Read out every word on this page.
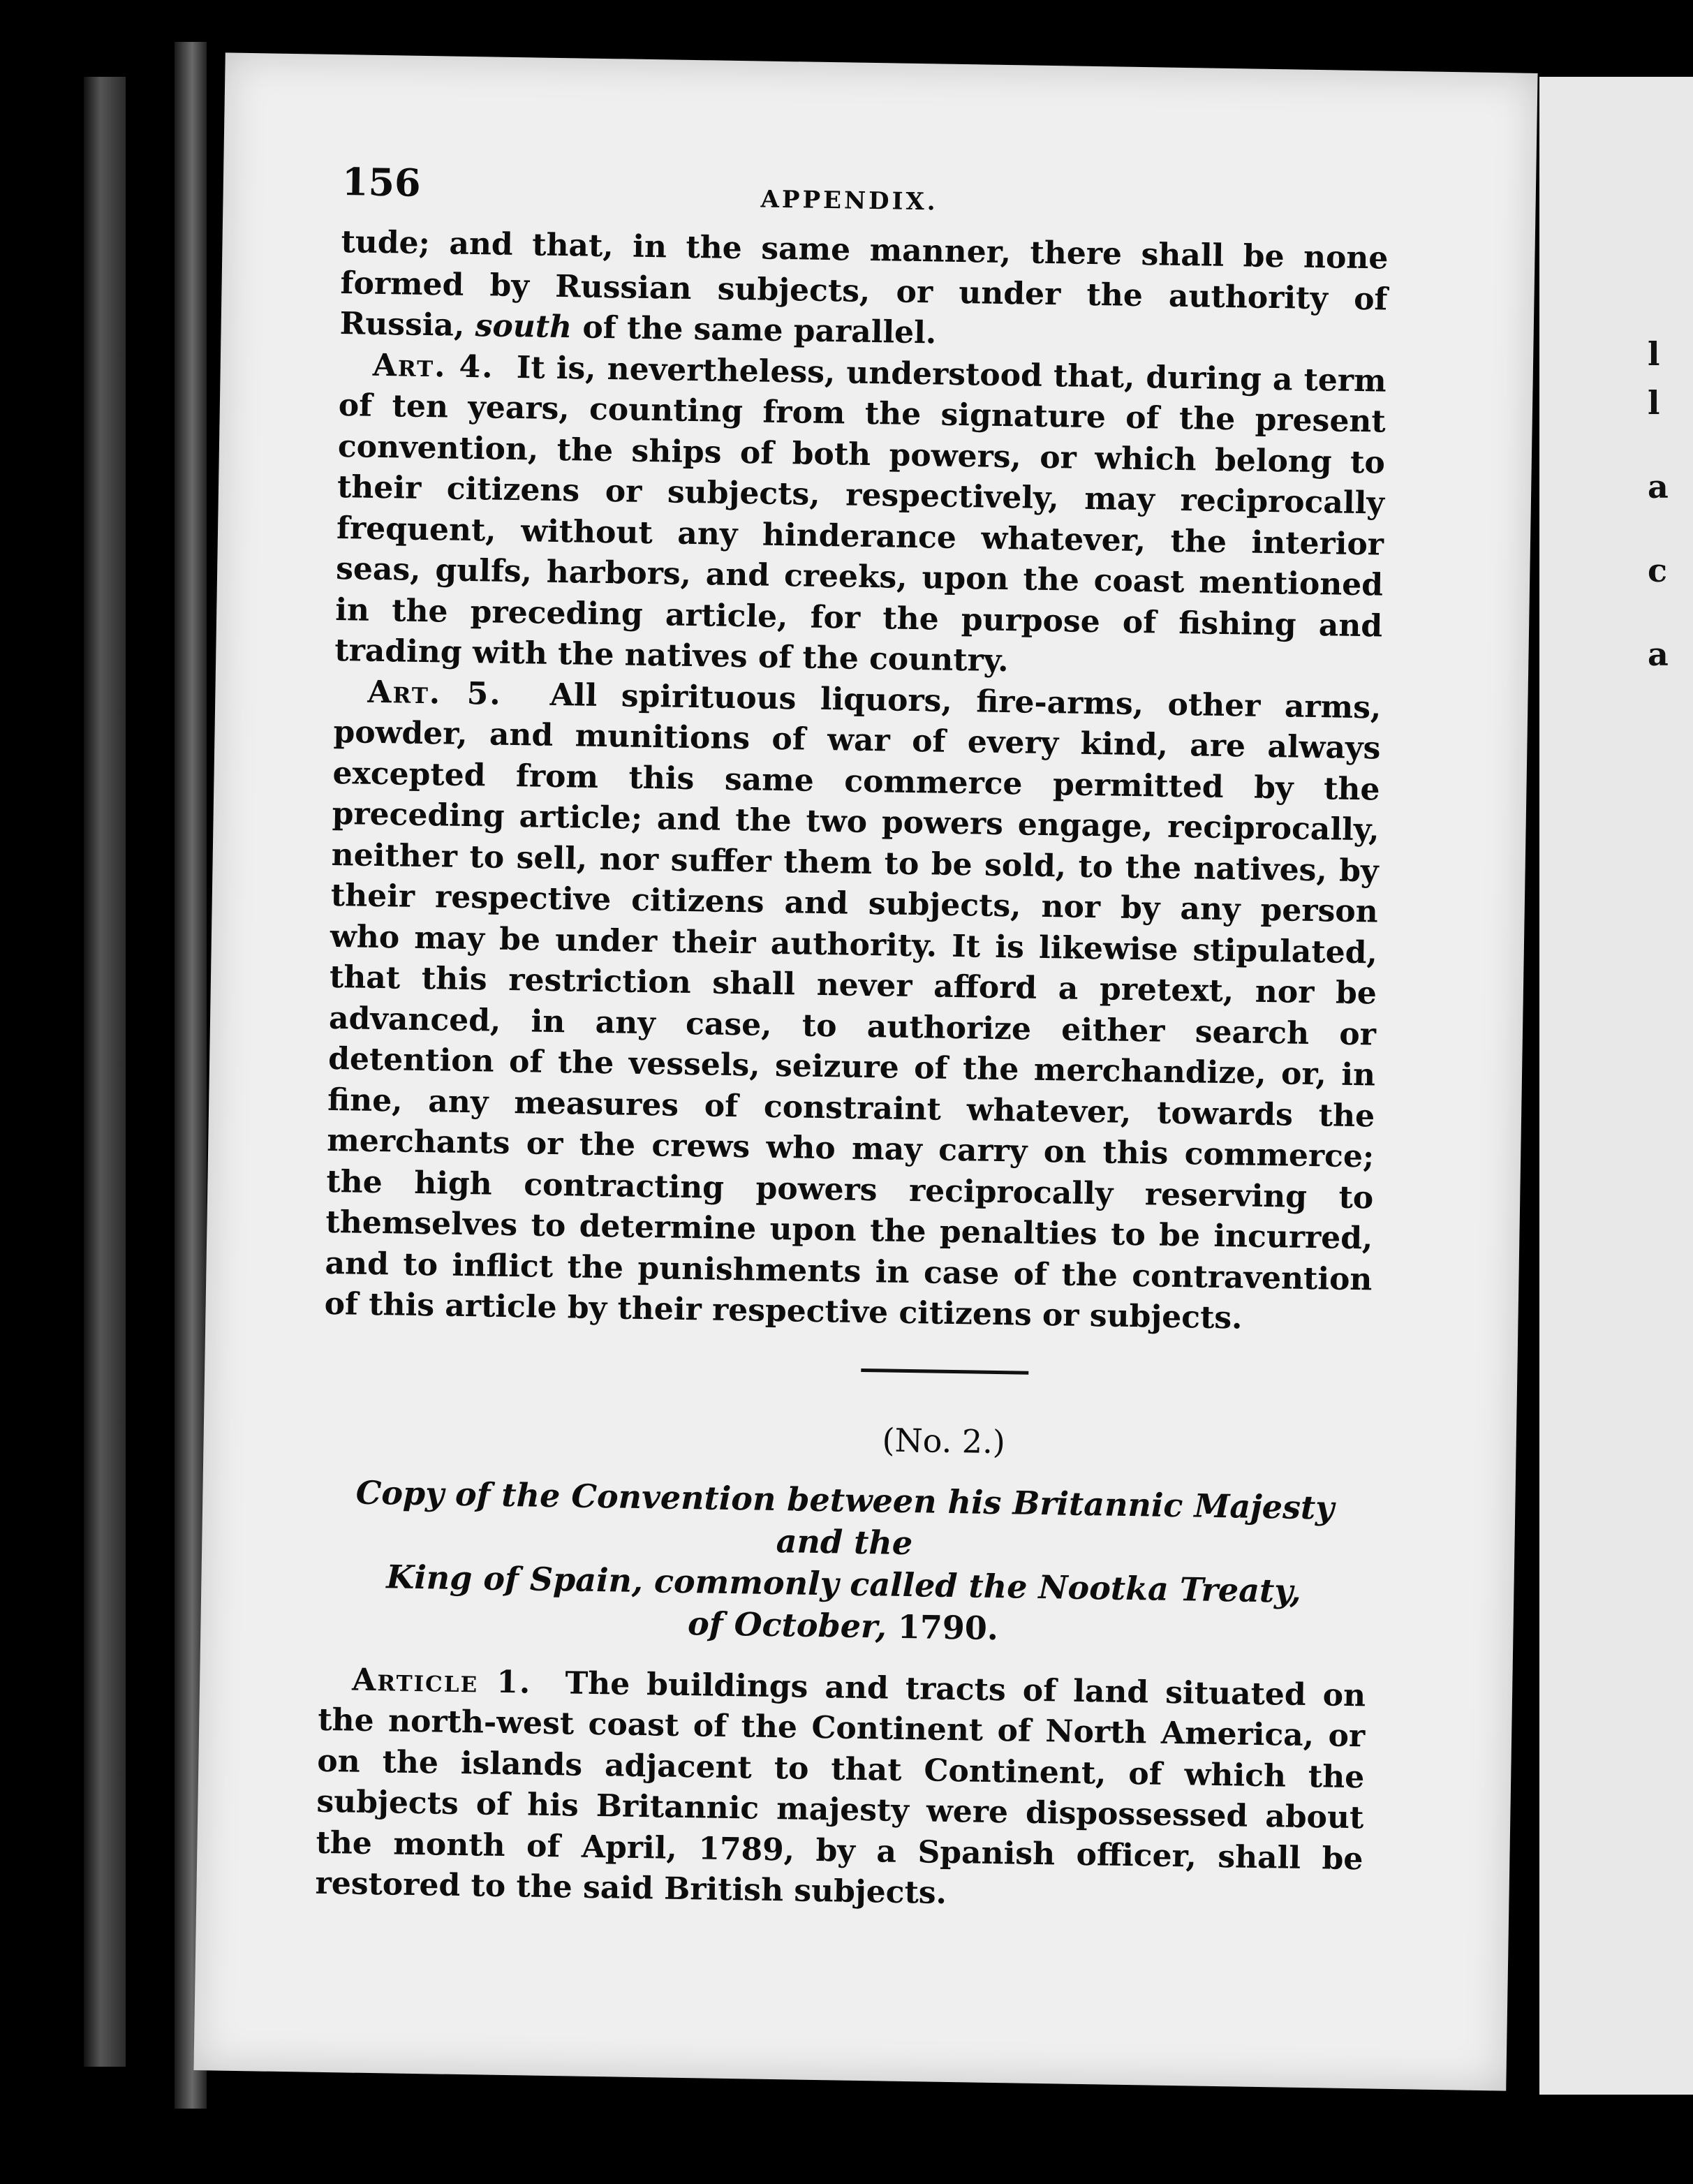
l
l
a
c
a
156	APPENDIX.

tude; and that, in the same manner, there shall be none formed by Russian subjects, or under the authority of Russia, south of the same parallel.

Art. 4. It is, nevertheless, understood that, during a term of ten years, counting from the signature of the present convention, the ships of both powers, or which belong to their citizens or subjects, respectively, may reciprocally frequent, without any hinderance whatever, the interior seas, gulfs, harbors, and creeks, upon the coast mentioned in the preceding article, for the purpose of fishing and trading with the natives of the country.

Art. 5. All spirituous liquors, fire-arms, other arms, powder, and munitions of war of every kind, are always excepted from this same commerce permitted by the preceding article; and the two powers engage, reciprocally, neither to sell, nor suffer them to be sold, to the natives, by their respective citizens and subjects, nor by any person who may be under their authority. It is likewise stipulated, that this restriction shall never afford a pretext, nor be advanced, in any case, to authorize either search or detention of the vessels, seizure of the merchandize, or, in fine, any measures of constraint whatever, towards the merchants or the crews who may carry on this commerce; the high contracting powers reciprocally reserving to themselves to determine upon the penalties to be incurred, and to inflict the punishments in case of the contravention of this article by their respective citizens or subjects.

(No. 2.)
Copy of the Convention between his Britannic Majesty and the
King of Spain, commonly called the Nootka Treaty,
of October, 1790.

Article 1. The buildings and tracts of land situated on the north-west coast of the Continent of North America, or on the islands adjacent to that Continent, of which the subjects of his Britannic majesty were dispossessed about the month of April, 1789, by a Spanish officer, shall be restored to the said British subjects.
